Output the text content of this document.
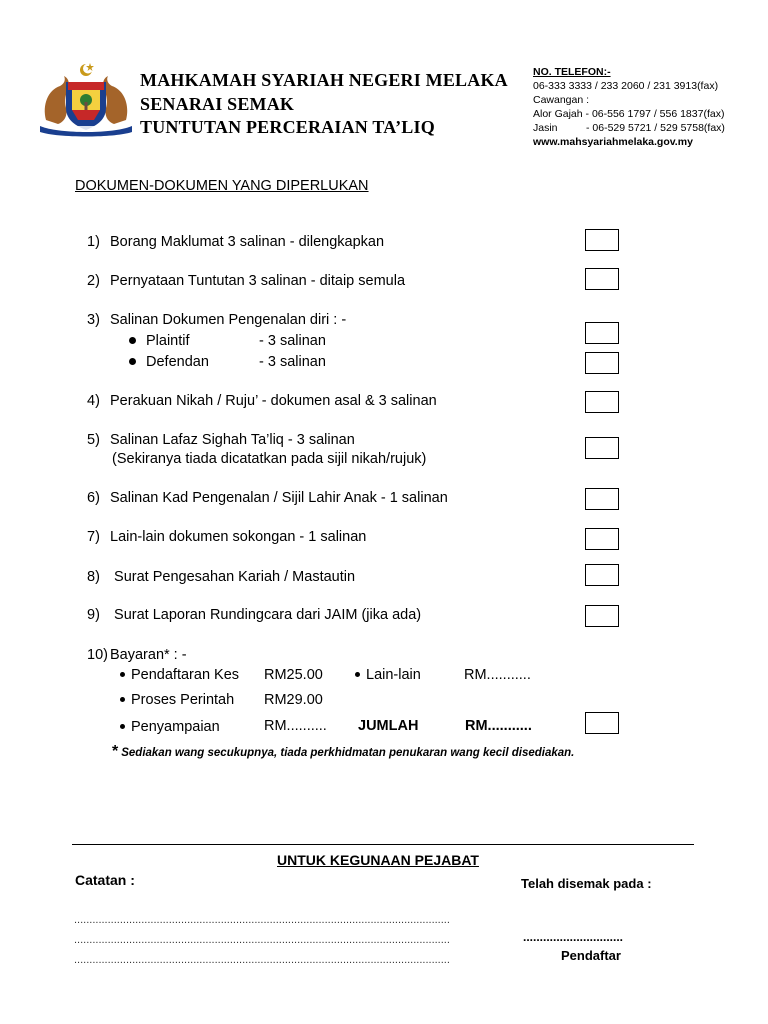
MAHKAMAH SYARIAH NEGERI MELAKA
SENARAI SEMAK
TUNTUTAN PERCERAIAN TA’LIQ
NO. TELEFON:-
06-333 3333 / 233 2060 / 231 3913(fax)
Cawangan :
Alor Gajah - 06-556 1797 / 556 1837(fax)
Jasin	- 06-529 5721 / 529 5758(fax)
www.mahsyariahmelaka.gov.my
DOKUMEN-DOKUMEN YANG DIPERLUKAN
1) Borang Maklumat 3 salinan - dilengkapkan
2) Pernyataan Tuntutan 3 salinan - ditaip semula
3) Salinan Dokumen Pengenalan diri : -
Plaintif	- 3 salinan
Defendan	- 3 salinan
4) Perakuan Nikah / Ruju’ - dokumen asal & 3 salinan
5) Salinan Lafaz Sighah Ta’liq - 3 salinan
(Sekiranya tiada dicatatkan pada sijil nikah/rujuk)
6) Salinan Kad Pengenalan / Sijil Lahir Anak - 1 salinan
7) Lain-lain dokumen sokongan - 1 salinan
8) Surat Pengesahan Kariah / Mastautin
9) Surat Laporan Rundingcara dari JAIM (jika ada)
10) Bayaran* : -
Pendaftaran Kes RM25.00	Lain-lain	RM...........
Proses Perintah RM29.00
Penyampaian	RM.......... JUMLAH	RM...........
* Sediakan wang secukupnya, tiada perkhidmatan penukaran wang kecil disediakan.
UNTUK KEGUNAAN PEJABAT
Catatan :	Telah disemak pada :
...........................................................................................................................
...........................................................................................................................
...........................................................................................................................
..............................
Pendaftar
